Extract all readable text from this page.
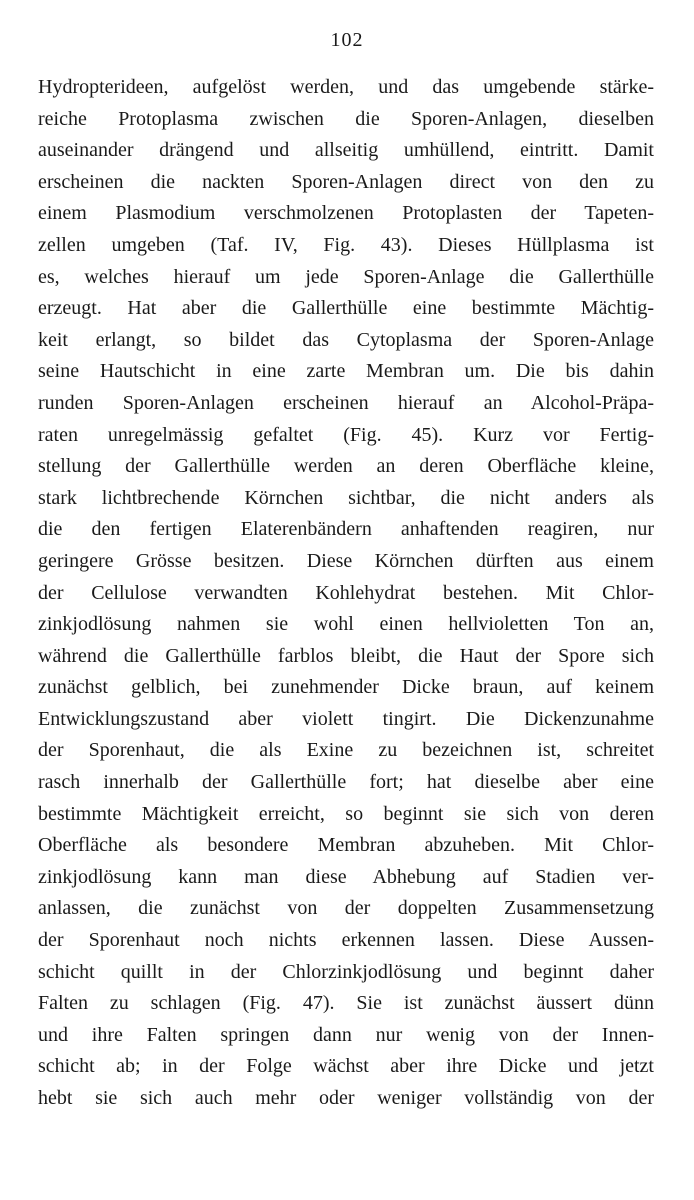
102
Hydropterideen, aufgelöst werden, und das umgebende stärke-
reiche Protoplasma zwischen die Sporen-Anlagen, dieselben
auseinander drängend und allseitig umhüllend, eintritt. Damit
erscheinen die nackten Sporen-Anlagen direct von den zu
einem Plasmodium verschmolzenen Protoplasten der Tapeten-
zellen umgeben (Taf. IV, Fig. 43). Dieses Hüllplasma ist
es, welches hierauf um jede Sporen-Anlage die Gallerthülle
erzeugt. Hat aber die Gallerthülle eine bestimmte Mächtig-
keit erlangt, so bildet das Cytoplasma der Sporen-Anlage
seine Hautschicht in eine zarte Membran um. Die bis dahin
runden Sporen-Anlagen erscheinen hierauf an Alcohol-Präpa-
raten unregelmässig gefaltet (Fig. 45). Kurz vor Fertig-
stellung der Gallerthülle werden an deren Oberfläche kleine,
stark lichtbrechende Körnchen sichtbar, die nicht anders als
die den fertigen Elaterenbändern anhaftenden reagiren, nur
geringere Grösse besitzen. Diese Körnchen dürften aus einem
der Cellulose verwandten Kohlehydrat bestehen. Mit Chlor-
zinkjodlösung nahmen sie wohl einen hellvioletten Ton an,
während die Gallerthülle farblos bleibt, die Haut der Spore sich
zunächst gelblich, bei zunehmender Dicke braun, auf keinem
Entwicklungszustand aber violett tingirt. Die Dickenzunahme
der Sporenhaut, die als Exine zu bezeichnen ist, schreitet
rasch innerhalb der Gallerthülle fort; hat dieselbe aber eine
bestimmte Mächtigkeit erreicht, so beginnt sie sich von deren
Oberfläche als besondere Membran abzuheben. Mit Chlor-
zinkjodlösung kann man diese Abhebung auf Stadien ver-
anlassen, die zunächst von der doppelten Zusammensetzung
der Sporenhaut noch nichts erkennen lassen. Diese Aussen-
schicht quillt in der Chlorzinkjodlösung und beginnt daher
Falten zu schlagen (Fig. 47). Sie ist zunächst äussert dünn
und ihre Falten springen dann nur wenig von der Innen-
schicht ab; in der Folge wächst aber ihre Dicke und jetzt
hebt sie sich auch mehr oder weniger vollständig von der
